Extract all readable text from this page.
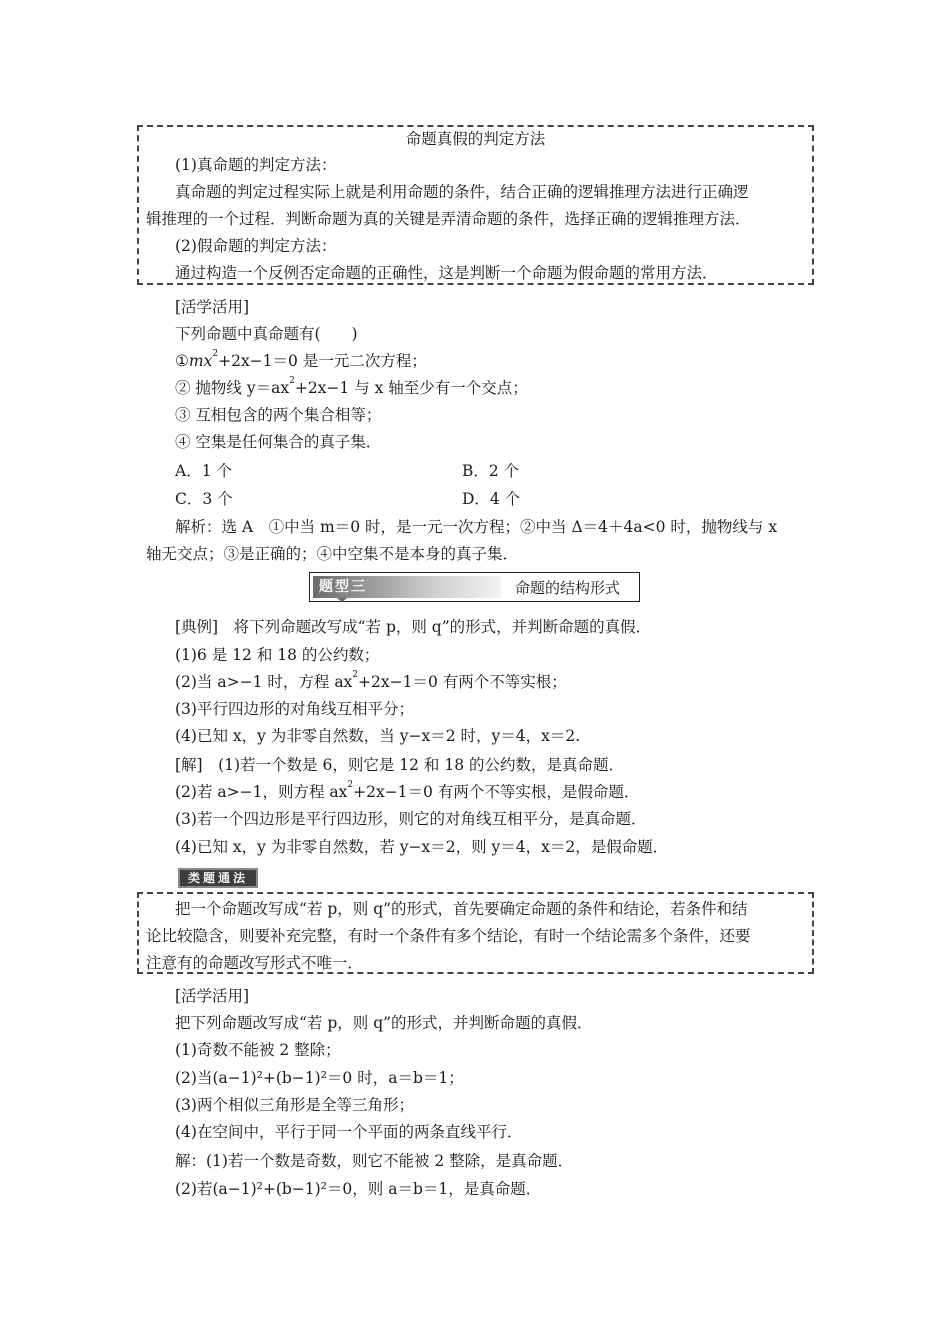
命题真假的判定方法
(1)真命题的判定方法：
真命题的判定过程实际上就是利用命题的条件，结合正确的逻辑推理方法进行正确逻
辑推理的一个过程．判断命题为真的关键是弄清命题的条件，选择正确的逻辑推理方法．
(2)假命题的判定方法：
通过构造一个反例否定命题的正确性，这是判断一个命题为假命题的常用方法．
[活学活用]
下列命题中真命题有(　　)
$①mx^2+2x-1=0$ 是一元二次方程；
② 抛物线 $y=ax^2+2x-1$ 与 x 轴至少有一个交点；
③ 互相包含的两个集合相等；
④ 空集是任何集合的真子集．
A．1 个	B．2 个
C．3 个	D．4 个
解析：选 A　①中当 m＝0 时，是一元一次方程；②中当 Δ＝4＋4a<0 时，抛物线与 x
轴无交点；③是正确的；④中空集不是本身的真子集．
题型三	命题的结构形式
[典例]　将下列命题改写成“若 p，则 q”的形式，并判断命题的真假．
(1)6 是 12 和 18 的公约数；
(2)当 a>−1 时，方程 $ax^2+2x-1=0$ 有两个不等实根；
(3)平行四边形的对角线互相平分；
(4)已知 x，y 为非零自然数，当 y−x＝2 时，y＝4，x＝2.
[解]　(1)若一个数是 6，则它是 12 和 18 的公约数，是真命题．
(2)若 a>−1，则方程 $ax^2+2x-1=0$ 有两个不等实根，是假命题．
(3)若一个四边形是平行四边形，则它的对角线互相平分，是真命题．
(4)已知 x，y 为非零自然数，若 y−x＝2，则 y＝4，x＝2，是假命题．
类题通法
把一个命题改写成“若 p，则 q”的形式，首先要确定命题的条件和结论，若条件和结
论比较隐含，则要补充完整，有时一个条件有多个结论，有时一个结论需多个条件，还要
注意有的命题改写形式不唯一．
[活学活用]
把下列命题改写成“若 p，则 q”的形式，并判断命题的真假．
(1)奇数不能被 2 整除；
(2)当(a−1)²+(b−1)²＝0 时，a＝b＝1；
(3)两个相似三角形是全等三角形；
(4)在空间中，平行于同一个平面的两条直线平行．
解：(1)若一个数是奇数，则它不能被 2 整除，是真命题．
(2)若(a−1)²+(b−1)²＝0，则 a＝b＝1，是真命题．
